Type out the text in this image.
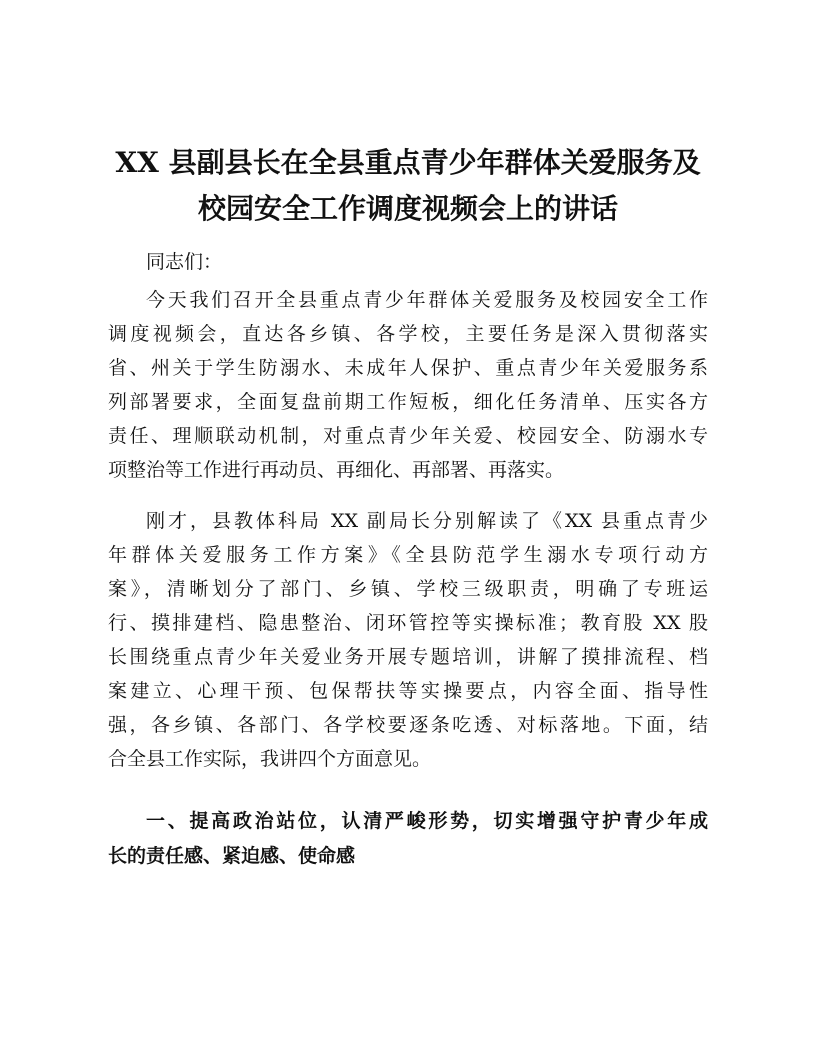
XX 县副县长在全县重点青少年群体关爱服务及
校园安全工作调度视频会上的讲话
同志们：
今天我们召开全县重点青少年群体关爱服务及校园安全工作
调度视频会，直达各乡镇、各学校，主要任务是深入贯彻落实
省、州关于学生防溺水、未成年人保护、重点青少年关爱服务系
列部署要求，全面复盘前期工作短板，细化任务清单、压实各方
责任、理顺联动机制，对重点青少年关爱、校园安全、防溺水专
项整治等工作进行再动员、再细化、再部署、再落实。
刚才，县教体科局 XX 副局长分别解读了《XX 县重点青少
年群体关爱服务工作方案》《全县防范学生溺水专项行动方
案》，清晰划分了部门、乡镇、学校三级职责，明确了专班运
行、摸排建档、隐患整治、闭环管控等实操标准；教育股 XX 股
长围绕重点青少年关爱业务开展专题培训，讲解了摸排流程、档
案建立、心理干预、包保帮扶等实操要点，内容全面、指导性
强，各乡镇、各部门、各学校要逐条吃透、对标落地。下面，结
合全县工作实际，我讲四个方面意见。
一、提高政治站位，认清严峻形势，切实增强守护青少年成
长的责任感、紧迫感、使命感
